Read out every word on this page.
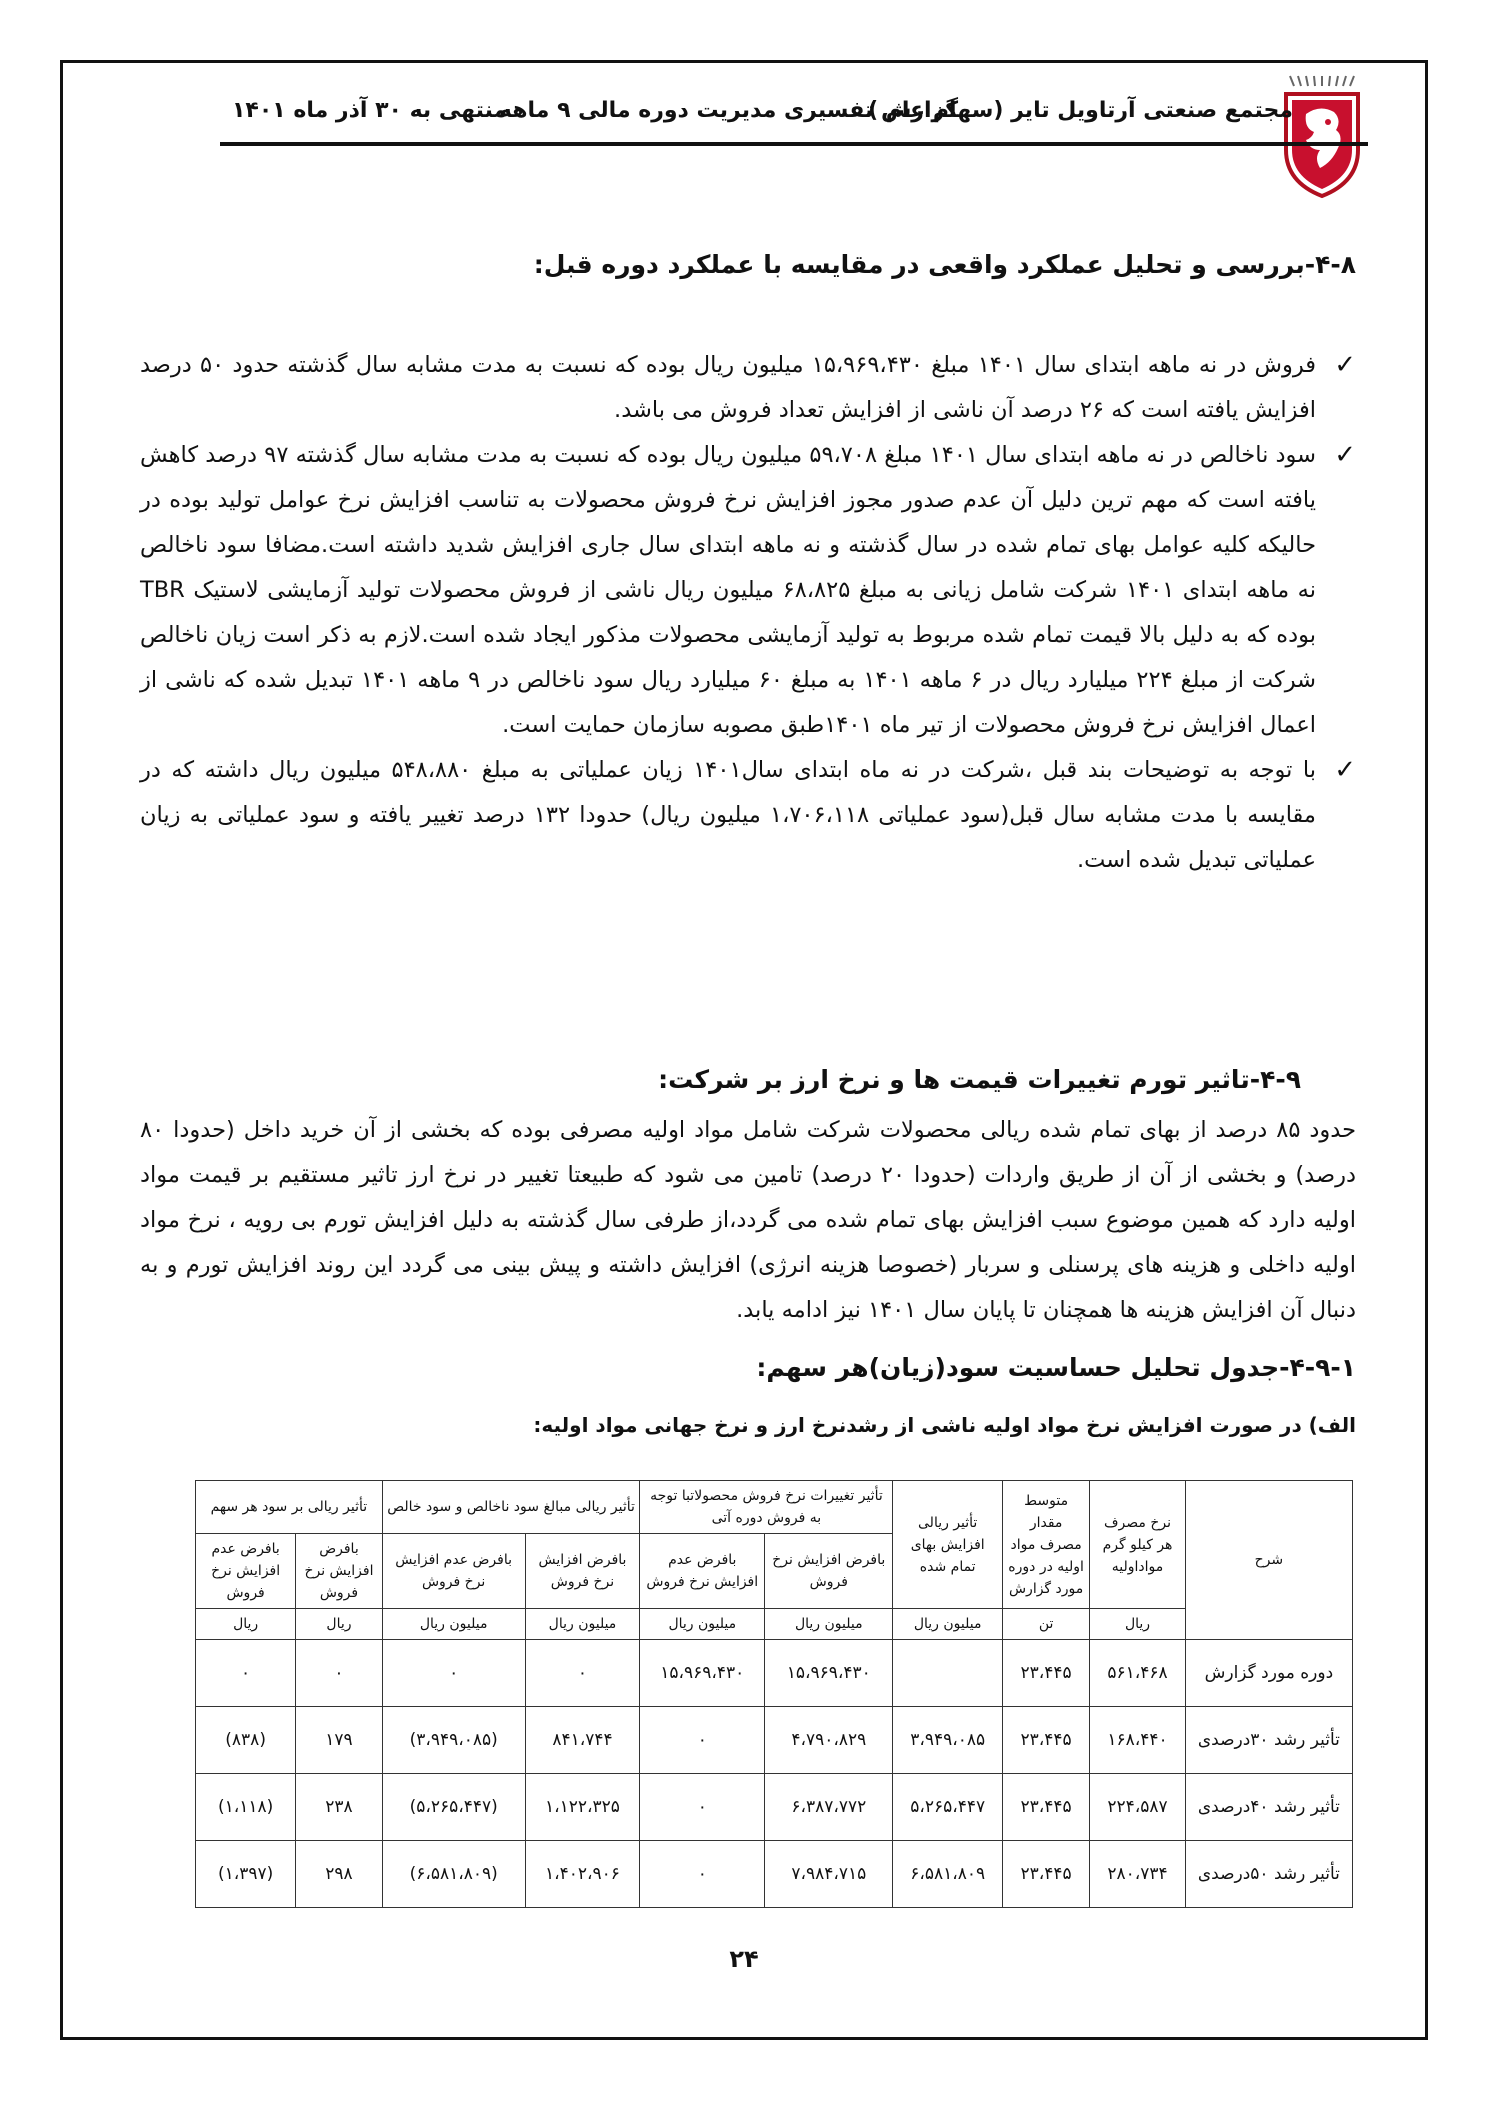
مجتمع صنعتی آرتاویل تایر (سهام عام )
گزارش تفسیری مدیریت دوره مالی ۹ ماهه
منتهی به ۳۰ آذر ماه ۱۴۰۱
۴-۸-بررسی و تحلیل عملکرد واقعی در مقایسه با عملکرد دوره قبل:
✓
فروش در نه ماهه ابتدای سال ۱۴۰۱ مبلغ ۱۵،۹۶۹،۴۳۰ میلیون ریال بوده که نسبت به مدت مشابه سال گذشته حدود ۵۰ درصد افزایش یافته است که ۲۶ درصد آن ناشی از افزایش تعداد فروش می باشد.
✓
سود ناخالص در نه ماهه ابتدای سال ۱۴۰۱ مبلغ ۵۹،۷۰۸ میلیون ریال بوده که نسبت به مدت مشابه سال گذشته ۹۷ درصد کاهش یافته است که مهم ترین دلیل آن عدم صدور مجوز افزایش نرخ فروش محصولات به تناسب افزایش نرخ عوامل تولید بوده در حالیکه کلیه عوامل بهای تمام شده در سال گذشته و نه ماهه ابتدای سال جاری افزایش شدید داشته است.مضافا سود ناخالص نه ماهه ابتدای ۱۴۰۱ شرکت شامل زیانی به مبلغ ۶۸،۸۲۵ میلیون ریال ناشی از فروش محصولات تولید آزمایشی لاستیک TBR بوده که به دلیل بالا قیمت تمام شده مربوط به تولید آزمایشی محصولات مذکور ایجاد شده است.لازم به ذکر است زیان ناخالص شرکت از مبلغ ۲۲۴ میلیارد ریال در ۶ ماهه ۱۴۰۱ به مبلغ ۶۰ میلیارد ریال سود ناخالص در ۹ ماهه ۱۴۰۱ تبدیل شده که ناشی از اعمال افزایش نرخ فروش محصولات از تیر ماه ۱۴۰۱طبق مصوبه سازمان حمایت است.
✓
با توجه به توضیحات بند قبل ،شرکت در نه ماه ابتدای سال۱۴۰۱ زیان عملیاتی به مبلغ ۵۴۸،۸۸۰ میلیون ریال داشته که در مقایسه با مدت مشابه سال قبل(سود عملیاتی ۱،۷۰۶،۱۱۸ میلیون ریال) حدودا ۱۳۲ درصد تغییر یافته و سود عملیاتی به زیان عملیاتی تبدیل شده است.
۴-۹-تاثیر تورم تغییرات قیمت ها و نرخ ارز بر شرکت:

حدود ۸۵ درصد از بهای تمام شده ریالی محصولات شرکت شامل مواد اولیه مصرفی بوده که بخشی از آن خرید داخل (حدودا ۸۰ درصد) و بخشی از آن از طریق واردات (حدودا ۲۰ درصد) تامین می شود که طبیعتا تغییر در نرخ ارز تاثیر مستقیم بر قیمت مواد اولیه دارد که همین موضوع سبب افزایش بهای تمام شده می گردد،از طرفی سال گذشته به دلیل افزایش تورم بی رویه ، نرخ مواد اولیه داخلی و هزینه های پرسنلی و سربار (خصوصا هزینه انرژی) افزایش داشته و پیش بینی می گردد این روند افزایش تورم و به دنبال آن افزایش هزینه ها همچنان تا پایان سال ۱۴۰۱ نیز ادامه یابد.

۴-۹-۱-جدول تحلیل حساسیت سود(زیان)هر سهم:
الف) در صورت افزایش نرخ مواد اولیه ناشی از رشدنرخ ارز و نرخ جهانی مواد اولیه:
شرح	نرخ مصرف هر کیلو گرم مواداولیه	متوسط مقدار مصرف مواد اولیه در دوره مورد گزارش	تأثیر ریالی افزایش بهای تمام شده	تأثیر تغییرات نرخ فروش محصولاتبا توجه به فروش دوره آتی		تأثیر ریالی مبالغ سود ناخالص و سود خالص		تأثیر ریالی بر سود هر سهم	
				بافرض افزایش نرخ فروش	بافرض عدم افزایش نرخ فروش	بافرض افزایش نرخ فروش	بافرض عدم افزایش نرخ فروش	بافرض افزایش نرخ فروش	بافرض عدم افزایش نرخ فروش
	ریال	تن	میلیون ریال	میلیون ریال	میلیون ریال	میلیون ریال	میلیون ریال	ریال	ریال
دوره مورد گزارش	۵۶۱،۴۶۸	۲۳،۴۴۵		۱۵،۹۶۹،۴۳۰	۱۵،۹۶۹،۴۳۰	۰	۰	۰	۰
تأثیر رشد ۳۰درصدی	۱۶۸،۴۴۰	۲۳،۴۴۵	۳،۹۴۹،۰۸۵	۴،۷۹۰،۸۲۹	۰	۸۴۱،۷۴۴	(۳،۹۴۹،۰۸۵)	۱۷۹	(۸۳۸)
تأثیر رشد ۴۰درصدی	۲۲۴،۵۸۷	۲۳،۴۴۵	۵،۲۶۵،۴۴۷	۶،۳۸۷،۷۷۲	۰	۱،۱۲۲،۳۲۵	(۵،۲۶۵،۴۴۷)	۲۳۸	(۱،۱۱۸)
تأثیر رشد ۵۰درصدی	۲۸۰،۷۳۴	۲۳،۴۴۵	۶،۵۸۱،۸۰۹	۷،۹۸۴،۷۱۵	۰	۱،۴۰۲،۹۰۶	(۶،۵۸۱،۸۰۹)	۲۹۸	(۱،۳۹۷)
۲۴
